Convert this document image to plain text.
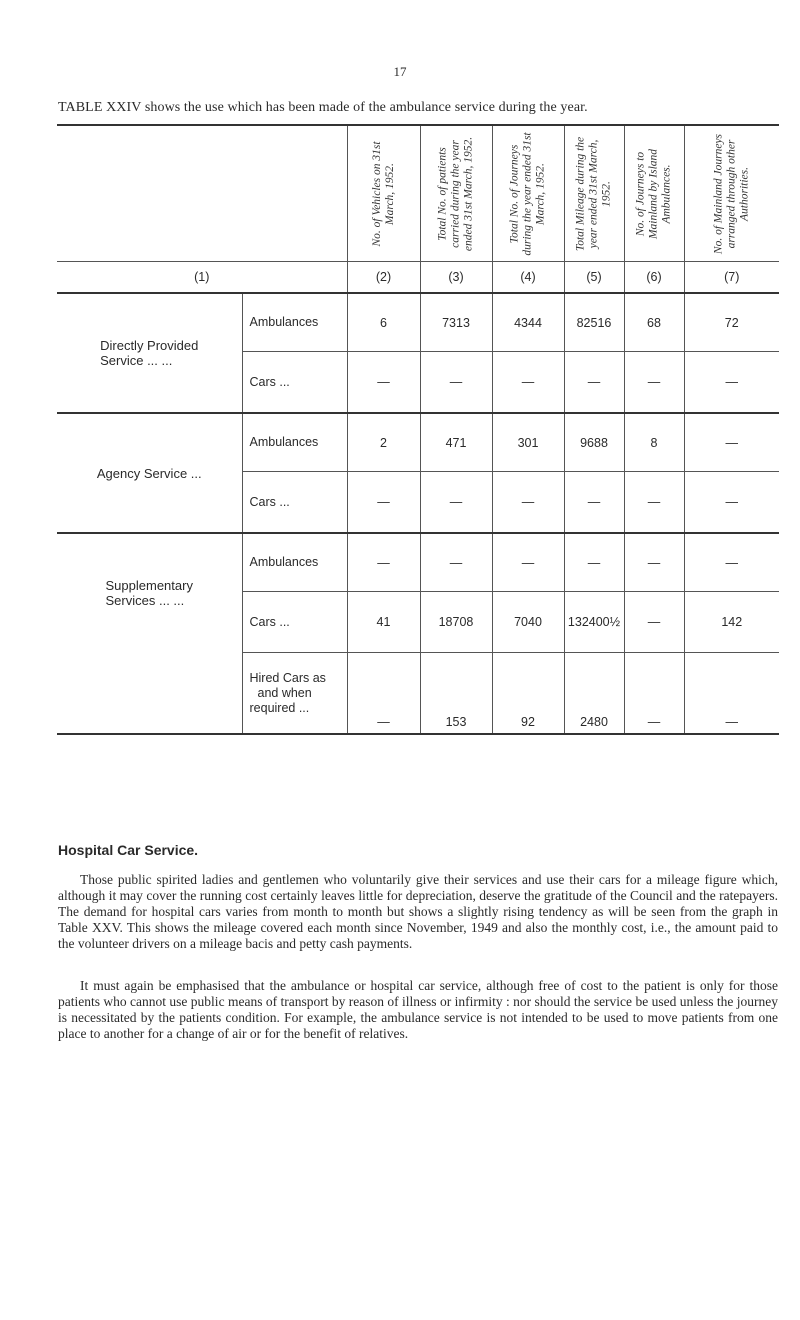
17
TABLE XXIV shows the use which has been made of the ambulance service during the year.

		No. of Vehicles on 31st March, 1952.	Total No. of patients carried during the year ended 31st March, 1952.	Total No. of Journeys during the year ended 31st March, 1952.	Total Mileage during the year ended 31st March, 1952.	No. of Journeys to Mainland by Island Ambulances.	No. of Mainland Journeys arranged through other Authorities.

(1)		(2)	(3)	(4)	(5)	(6)	(7)
Directly Provided
Service ... ...	Ambulances	6	7313	4344	82516	68	72
	Cars ...	—	—	—	—	—	—
Agency Service ...	Ambulances	2	471	301	9688	8	—
	Cars ...	—	—	—	—	—	—
Supplementary
Services ... ...	Ambulances	—	—	—	—	—	—
	Cars ...	41	18708	7040	132400½	—	142
	Hired Cars as
and when
required ...	—	153	92	2480	—	—
Hospital Car Service.

Those public spirited ladies and gentlemen who voluntarily give their services and use their cars for a mileage figure which, although it may cover the running cost certainly leaves little for depreciation, deserve the gratitude of the Council and the ratepayers. The demand for hospital cars varies from month to month but shows a slightly rising tendency as will be seen from the graph in Table XXV. This shows the mileage covered each month since November, 1949 and also the monthly cost, i.e., the amount paid to the volunteer drivers on a mileage bacis and petty cash payments.

It must again be emphasised that the ambulance or hospital car service, although free of cost to the patient is only for those patients who cannot use public means of transport by reason of illness or infirmity : nor should the service be used unless the journey is necessitated by the patients condition. For example, the ambulance service is not intended to be used to move patients from one place to another for a change of air or for the benefit of relatives.
